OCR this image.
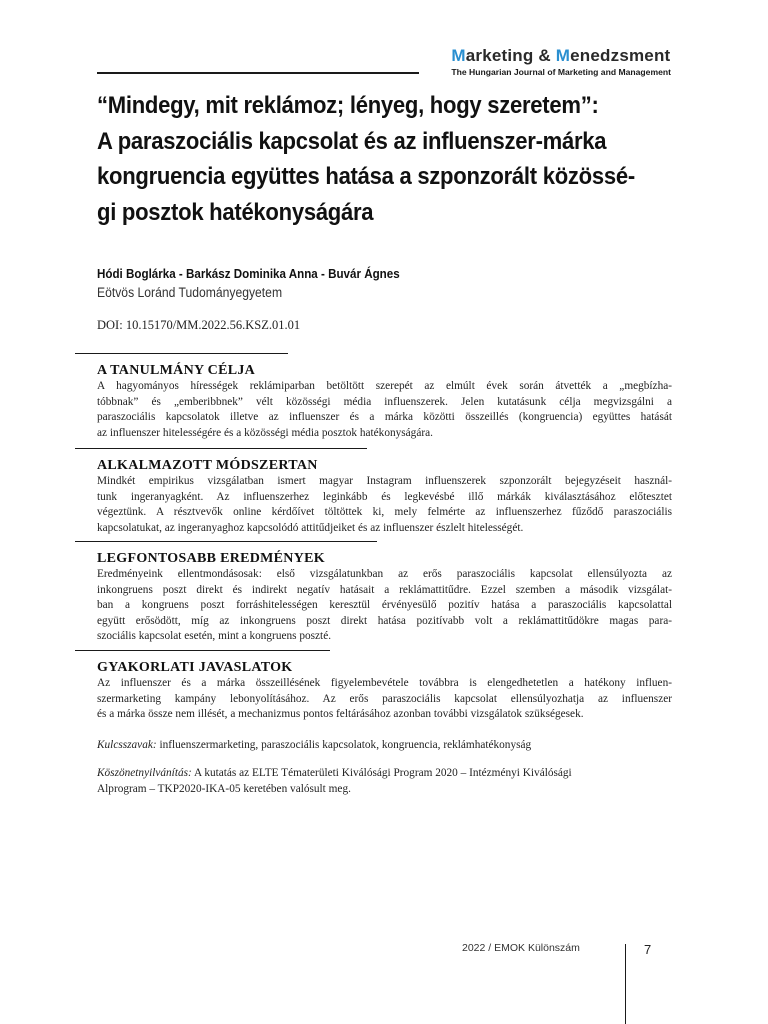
Marketing & Menedzsment
The Hungarian Journal of Marketing and Management
“Mindegy, mit reklámoz; lényeg, hogy szeretem”:
A paraszociális kapcsolat és az influenszer-márka
kongruencia együttes hatása a szponzorált közössé-
gi posztok hatékonyságára
Hódi Boglárka - Barkász Dominika Anna - Buvár Ágnes
Eötvös Loránd Tudományegyetem
DOI: 10.15170/MM.2022.56.KSZ.01.01
A TANULMÁNY CÉLJA
A hagyományos hírességek reklámiparban betöltött szerepét az elmúlt évek során átvették a „megbízha-
tóbbnak” és „emberibbnek” vélt közösségi média influenszerek. Jelen kutatásunk célja megvizsgálni a
paraszociális kapcsolatok illetve az influenszer és a márka közötti összeillés (kongruencia) együttes hatását
az influenszer hitelességére és a közösségi média posztok hatékonyságára.
ALKALMAZOTT MÓDSZERTAN
Mindkét empirikus vizsgálatban ismert magyar Instagram influenszerek szponzorált bejegyzéseit használ-
tunk ingeranyagként. Az influenszerhez leginkább és legkevésbé illő márkák kiválasztásához előtesztet
végeztünk. A résztvevők online kérdőívet töltöttek ki, mely felmérte az influenszerhez fűződő paraszociális
kapcsolatukat, az ingeranyaghoz kapcsolódó attitűdjeiket és az influenszer észlelt hitelességét.
LEGFONTOSABB EREDMÉNYEK
Eredményeink ellentmondásosak: első vizsgálatunkban az erős paraszociális kapcsolat ellensúlyozta az
inkongruens poszt direkt és indirekt negatív hatásait a reklámattitűdre. Ezzel szemben a második vizsgálat-
ban a kongruens poszt forráshitelességen keresztül érvényesülő pozitív hatása a paraszociális kapcsolattal
együtt erősödött, míg az inkongruens poszt direkt hatása pozitívabb volt a reklámattitűdökre magas para-
szociális kapcsolat esetén, mint a kongruens poszté.
GYAKORLATI JAVASLATOK
Az influenszer és a márka összeillésének figyelembevétele továbbra is elengedhetetlen a hatékony influen-
szermarketing kampány lebonyolításához. Az erős paraszociális kapcsolat ellensúlyozhatja az influenszer
és a márka össze nem illését, a mechanizmus pontos feltárásához azonban további vizsgálatok szükségesek.
Kulcsszavak: influenszermarketing, paraszociális kapcsolatok, kongruencia, reklámhatékonyság
Köszönetnyilvánítás: A kutatás az ELTE Tématerületi Kiválósági Program 2020 – Intézményi Kiválósági
Alprogram – TKP2020-IKA-05 keretében valósult meg.
2022 / EMOK Különszám	7
